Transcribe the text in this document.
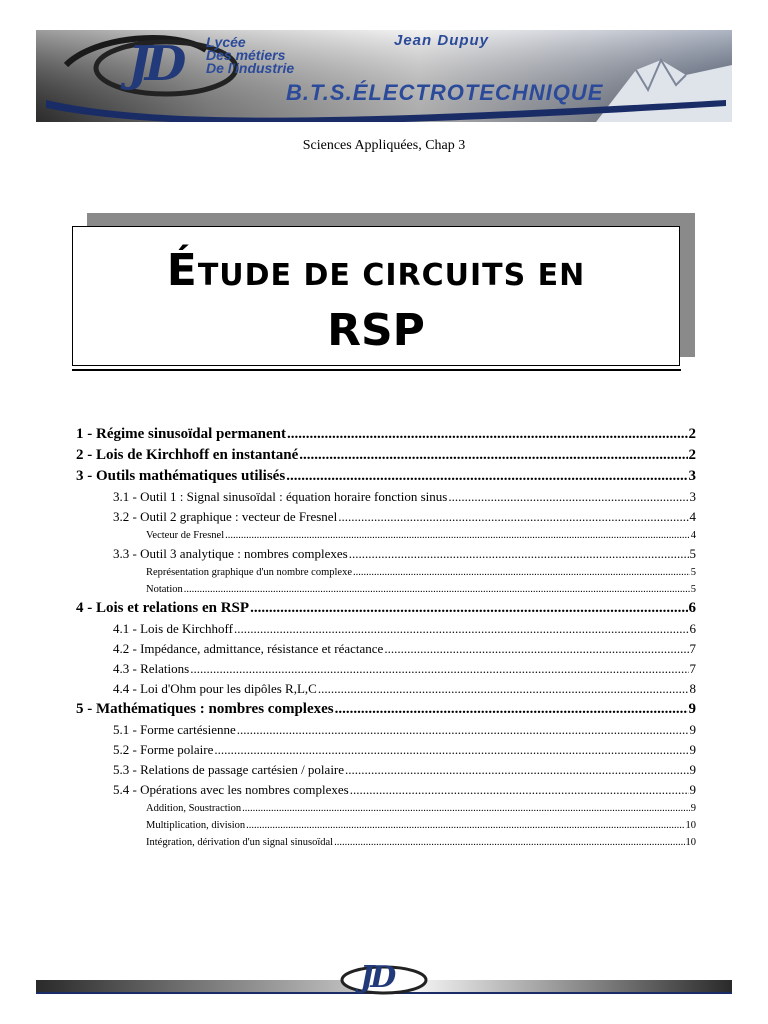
JD Lycée
Des métiers
De l'industrie
Jean Dupuy
B.T.S.ÉLECTROTECHNIQUE
Sciences Appliquées, Chap 3
ÉTUDE DE CIRCUITS EN
RSP
1 - Régime sinusoïdal permanent .....	2
2 - Lois de Kirchhoff en instantané .....	2
3 - Outils mathématiques utilisés .....	3
3.1 - Outil 1 : Signal sinusoïdal : équation horaire fonction sinus .....	3
3.2 - Outil 2 graphique : vecteur de Fresnel .....	4
Vecteur de Fresnel .....	4
3.3 - Outil 3 analytique : nombres complexes .....	5
Représentation graphique d'un nombre complexe .....	5
Notation .....	5
4 - Lois et relations en RSP .....	6
4.1 - Lois de Kirchhoff .....	6
4.2 - Impédance, admittance, résistance et réactance .....	7
4.3 - Relations .....	7
4.4 - Loi d'Ohm pour les dipôles R,L,C .....	8
5 - Mathématiques : nombres complexes .....	9
5.1 - Forme cartésienne .....	9
5.2 - Forme polaire .....	9
5.3 - Relations de passage cartésien / polaire .....	9
5.4 - Opérations avec les nombres complexes .....	9
Addition, Soustraction .....	9
Multiplication, division .....	10
Intégration, dérivation d'un signal sinusoïdal .....	10
JD
